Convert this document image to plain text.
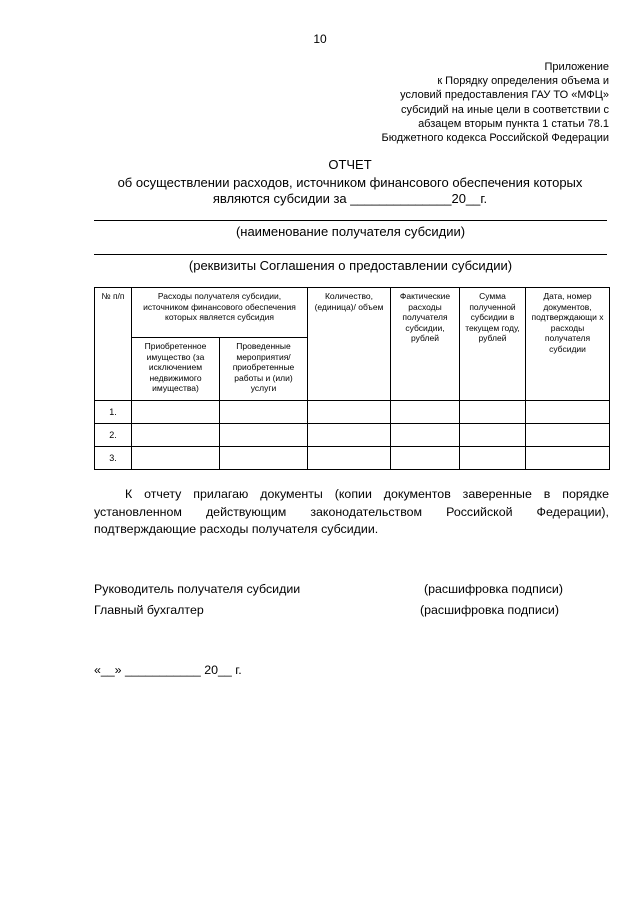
10
Приложение
к Порядку определения объема и
условий предоставления ГАУ ТО «МФЦ»
субсидий на иные цели в соответствии с
абзацем вторым пункта 1 статьи 78.1
Бюджетного кодекса Российской Федерации
ОТЧЕТ
об осуществлении расходов, источником финансового обеспечения которых
являются субсидии за ______________20__г.
(наименование получателя субсидии)
(реквизиты Соглашения о предоставлении субсидии)
№ п/п	Расходы получателя субсидии, источником финансового обеспечения которых является субсидия		Количество, (единица)/ объем	Фактические расходы получателя субсидии, рублей	Сумма полученной субсидии в текущем году, рублей	Дата, номер документов, подтверждающи х расходы получателя субсидии
	Приобретенное имущество (за исключением недвижимого имущества)	Проведенные мероприятия/ приобретенные работы и (или) услуги				
1.						
2.						
3.						

К отчету прилагаю документы (копии документов заверенные в порядке установленном действующим законодательством Российской Федерации), подтверждающие расходы получателя субсидии.

Руководитель получателя субсидии	(расшифровка подписи)
Главный бухгалтер	(расшифровка подписи)
«__» ___________ 20__ г.
